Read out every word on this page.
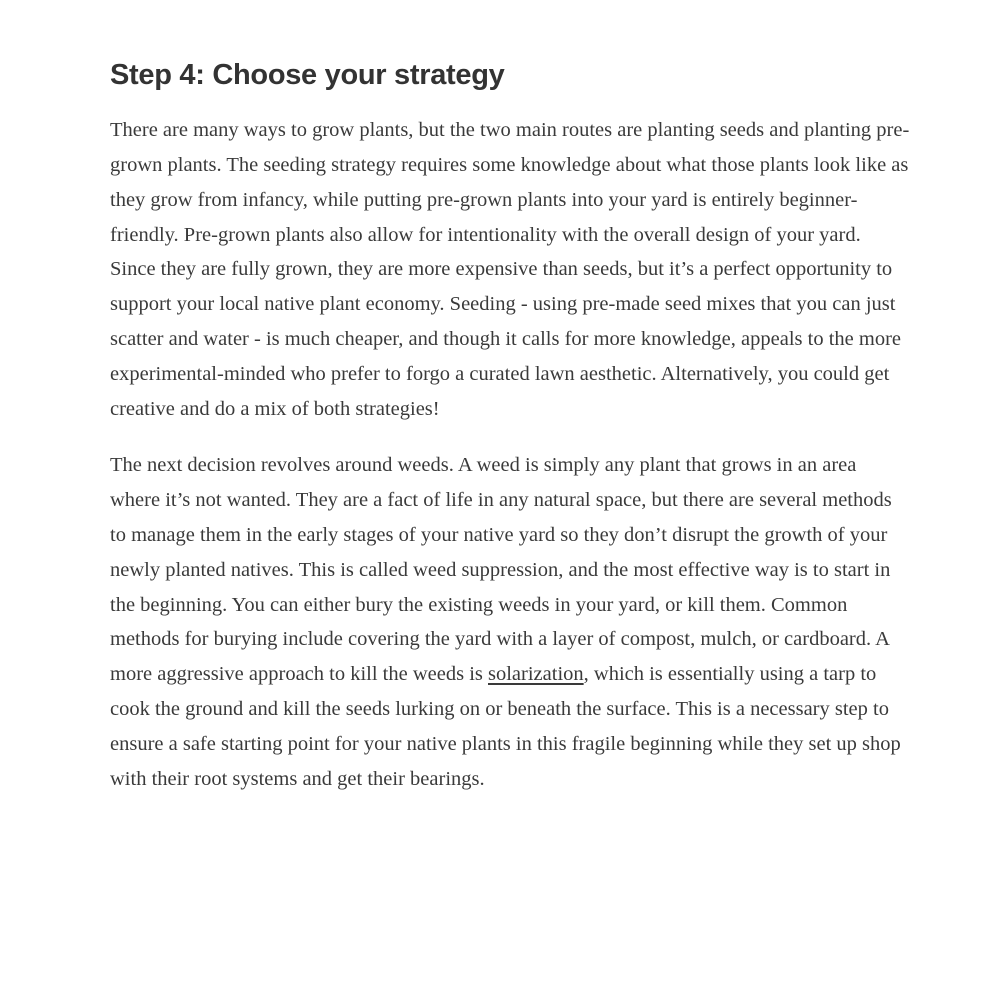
Step 4: Choose your strategy

There are many ways to grow plants, but the two main routes are planting seeds and planting pre-grown plants. The seeding strategy requires some knowledge about what those plants look like as they grow from infancy, while putting pre-grown plants into your yard is entirely beginner-friendly. Pre-grown plants also allow for intentionality with the overall design of your yard. Since they are fully grown, they are more expensive than seeds, but it’s a perfect opportunity to support your local native plant economy. Seeding - using pre-made seed mixes that you can just scatter and water - is much cheaper, and though it calls for more knowledge, appeals to the more experimental-minded who prefer to forgo a curated lawn aesthetic. Alternatively, you could get creative and do a mix of both strategies!

The next decision revolves around weeds. A weed is simply any plant that grows in an area where it’s not wanted. They are a fact of life in any natural space, but there are several methods to manage them in the early stages of your native yard so they don’t disrupt the growth of your newly planted natives. This is called weed suppression, and the most effective way is to start in the beginning. You can either bury the existing weeds in your yard, or kill them. Common methods for burying include covering the yard with a layer of compost, mulch, or cardboard. A more aggressive approach to kill the weeds is solarization, which is essentially using a tarp to cook the ground and kill the seeds lurking on or beneath the surface. This is a necessary step to ensure a safe starting point for your native plants in this fragile beginning while they set up shop with their root systems and get their bearings.
